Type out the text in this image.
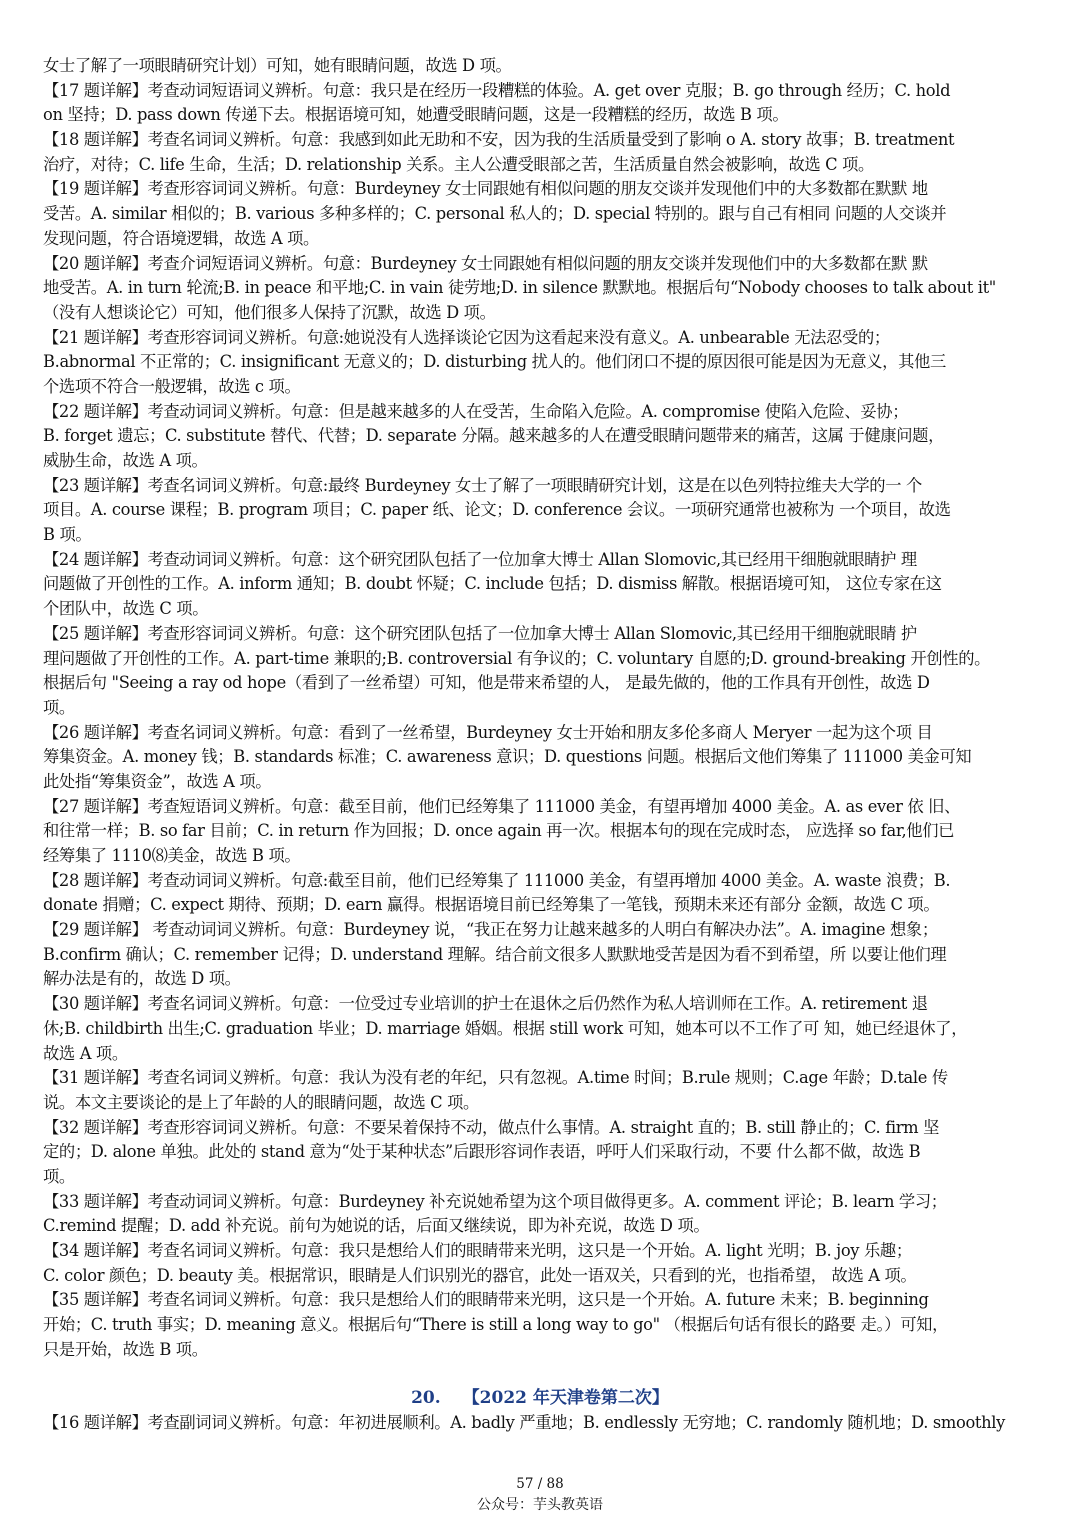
女士了解了一项眼睛研究计划）可知，她有眼睛问题，故选 D 项。
【17 题详解】考查动词短语词义辨析。句意：我只是在经历一段糟糕的体验。A. get over 克服；B. go through 经历；C. hold
on 坚持；D. pass down 传递下去。根据语境可知，她遭受眼睛问题，这是一段糟糕的经历，故选 B 项。
【18 题详解】考查名词词义辨析。句意：我感到如此无助和不安，因为我的生活质量受到了影响 o A. story 故事；B. treatment
治疗，对待；C. life 生命，生活；D. relationship 关系。主人公遭受眼部之苦，生活质量自然会被影响，故选 C 项。
【19 题详解】考查形容词词义辨析。句意：Burdeyney 女士同跟她有相似问题的朋友交谈并发现他们中的大多数都在默默 地
受苦。A. similar 相似的；B. various 多种多样的；C. personal 私人的；D. special 特别的。跟与自己有相同 问题的人交谈并
发现问题，符合语境逻辑，故选 A 项。
【20 题详解】考查介词短语词义辨析。句意：Burdeyney 女士同跟她有相似问题的朋友交谈并发现他们中的大多数都在默 默
地受苦。A. in turn 轮流;B. in peace 和平地;C. in vain 徒劳地;D. in silence 默默地。根据后句“Nobody chooses to talk about it"
（没有人想谈论它）可知，他们很多人保持了沉默，故选 D 项。
【21 题详解】考查形容词词义辨析。句意:她说没有人选择谈论它因为这看起来没有意义。A. unbearable 无法忍受的；
B.abnormal 不正常的；C. insignificant 无意义的；D. disturbing 扰人的。他们闭口不提的原因很可能是因为无意义，其他三
个选项不符合一般逻辑，故选 c 项。
【22 题详解】考查动词词义辨析。句意：但是越来越多的人在受苦，生命陷入危险。A. compromise 使陷入危险、妥协；
B. forget 遗忘；C. substitute 替代、代替；D. separate 分隔。越来越多的人在遭受眼睛问题带来的痛苦，这属 于健康问题，
威胁生命，故选 A 项。
【23 题详解】考查名词词义辨析。句意:最终 Burdeyney 女士了解了一项眼睛研究计划，这是在以色列特拉维夫大学的一 个
项目。A. course 课程；B. program 项目；C. paper 纸、论文；D. conference 会议。一项研究通常也被称为 一个项目，故选
B 项。
【24 题详解】考查动词词义辨析。句意：这个研究团队包括了一位加拿大博士 Allan Slomovic,其已经用干细胞就眼睛护 理
问题做了开创性的工作。A. inform 通知；B. doubt 怀疑；C. include 包括；D. dismiss 解散。根据语境可知， 这位专家在这
个团队中，故选 C 项。
【25 题详解】考查形容词词义辨析。句意：这个研究团队包括了一位加拿大博士 Allan Slomovic,其已经用干细胞就眼睛 护
理问题做了开创性的工作。A. part-time 兼职的;B. controversial 有争议的；C. voluntary 自愿的;D. ground-breaking 开创性的。
根据后句 "Seeing a ray od hope（看到了一丝希望）可知，他是带来希望的人， 是最先做的，他的工作具有开创性，故选 D
项。
【26 题详解】考查名词词义辨析。句意：看到了一丝希望，Burdeyney 女士开始和朋友多伦多商人 Meryer 一起为这个项 目
筹集资金。A. money 钱；B. standards 标准；C. awareness 意识；D. questions 问题。根据后文他们筹集了 111000 美金可知
此处指“筹集资金”，故选 A 项。
【27 题详解】考查短语词义辨析。句意：截至目前，他们已经筹集了 111000 美金，有望再增加 4000 美金。A. as ever 依 旧、
和往常一样；B. so far 目前；C. in return 作为回报；D. once again 再一次。根据本句的现在完成时态， 应选择 so far,他们已
经筹集了 1110⑻美金，故选 B 项。
【28 题详解】考查动词词义辨析。句意:截至目前，他们已经筹集了 111000 美金，有望再增加 4000 美金。A. waste 浪费；B.
donate 捐赠；C. expect 期待、预期；D. earn 赢得。根据语境目前已经筹集了一笔钱，预期未来还有部分 金额，故选 C 项。
【29 题详解】 考查动词词义辨析。句意：Burdeyney 说，“我正在努力让越来越多的人明白有解决办法”。A. imagine 想象；
B.confirm 确认；C. remember 记得；D. understand 理解。结合前文很多人默默地受苦是因为看不到希望，所 以要让他们理
解办法是有的，故选 D 项。
【30 题详解】考查名词词义辨析。句意：一位受过专业培训的护士在退休之后仍然作为私人培训师在工作。A. retirement 退
休;B. childbirth 出生;C. graduation 毕业；D. marriage 婚姻。根据 still work 可知，她本可以不工作了可 知，她已经退休了，
故选 A 项。
【31 题详解】考查名词词义辨析。句意：我认为没有老的年纪，只有忽视。A.time 时间；B.rule 规则；C.age 年龄；D.tale 传
说。本文主要谈论的是上了年龄的人的眼睛问题，故选 C 项。
【32 题详解】考查形容词词义辨析。句意：不要呆着保持不动，做点什么事情。A. straight 直的；B. still 静止的；C. firm 坚
定的；D. alone 单独。此处的 stand 意为“处于某种状态”后跟形容词作表语，呼吁人们采取行动，不要 什么都不做，故选 B
项。
【33 题详解】考查动词词义辨析。句意：Burdeyney 补充说她希望为这个项目做得更多。A. comment 评论；B. learn 学习；
C.remind 提醒；D. add 补充说。前句为她说的话，后面又继续说，即为补充说，故选 D 项。
【34 题详解】考查名词词义辨析。句意：我只是想给人们的眼睛带来光明，这只是一个开始。A. light 光明；B. joy 乐趣；
C. color 颜色；D. beauty 美。根据常识，眼睛是人们识别光的器官，此处一语双关，只看到的光，也指希望， 故选 A 项。
【35 题详解】考查名词词义辨析。句意：我只是想给人们的眼睛带来光明，这只是一个开始。A. future 未来；B. beginning
开始；C. truth 事实；D. meaning 意义。根据后句“There is still a long way to go" （根据后句话有很长的路要 走。）可知，
只是开始，故选 B 项。
20. 【2022 年天津卷第二次】
【16 题详解】考查副词词义辨析。句意：年初进展顺利。A. badly 严重地；B. endlessly 无穷地；C. randomly 随机地；D. smoothly
57 / 88
公众号：芋头教英语
